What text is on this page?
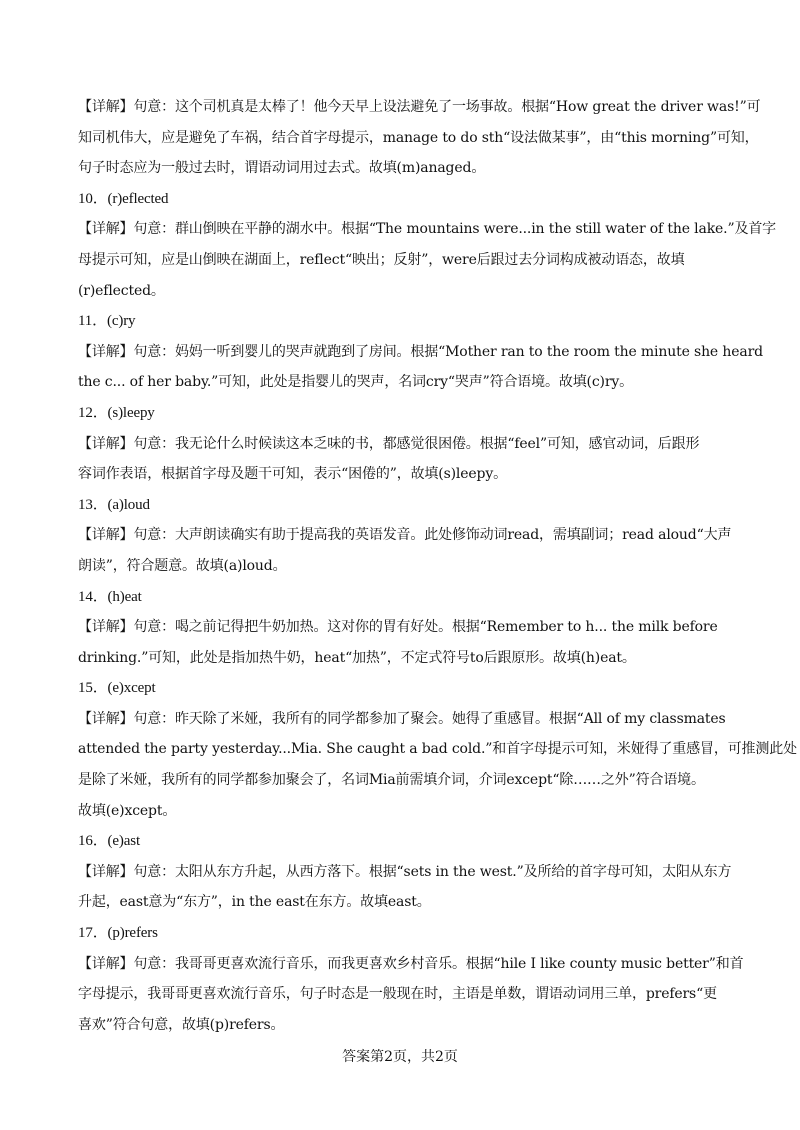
【详解】句意：这个司机真是太棒了！他今天早上设法避免了一场事故。根据“How great the driver was!”可
知司机伟大，应是避免了车祸，结合首字母提示，manage to do sth“设法做某事”，由“this morning”可知，
句子时态应为一般过去时，谓语动词用过去式。故填(m)anaged。
10．(r)eflected
【详解】句意：群山倒映在平静的湖水中。根据“The mountains were...in the still water of the lake.”及首字
母提示可知，应是山倒映在湖面上，reflect“映出；反射”，were后跟过去分词构成被动语态，故填
(r)eflected。
11．(c)ry
【详解】句意：妈妈一听到婴儿的哭声就跑到了房间。根据“Mother ran to the room the minute she heard
the c... of her baby.”可知，此处是指婴儿的哭声，名词cry“哭声”符合语境。故填(c)ry。
12．(s)leepy
【详解】句意：我无论什么时候读这本乏味的书，都感觉很困倦。根据“feel”可知，感官动词，后跟形
容词作表语，根据首字母及题干可知，表示“困倦的”，故填(s)leepy。
13．(a)loud
【详解】句意：大声朗读确实有助于提高我的英语发音。此处修饰动词read，需填副词；read aloud“大声
朗读”，符合题意。故填(a)loud。
14．(h)eat
【详解】句意：喝之前记得把牛奶加热。这对你的胃有好处。根据“Remember to h... the milk before
drinking.”可知，此处是指加热牛奶，heat“加热”，不定式符号to后跟原形。故填(h)eat。
15．(e)xcept
【详解】句意：昨天除了米娅，我所有的同学都参加了聚会。她得了重感冒。根据“All of my classmates
attended the party yesterday...Mia. She caught a bad cold.”和首字母提示可知，米娅得了重感冒，可推测此处
是除了米娅，我所有的同学都参加聚会了，名词Mia前需填介词，介词except“除……之外”符合语境。
故填(e)xcept。
16．(e)ast
【详解】句意：太阳从东方升起，从西方落下。根据“sets in the west.”及所给的首字母可知，太阳从东方
升起，east意为“东方”，in the east在东方。故填east。
17．(p)refers
【详解】句意：我哥哥更喜欢流行音乐，而我更喜欢乡村音乐。根据“hile I like county music better”和首
字母提示，我哥哥更喜欢流行音乐，句子时态是一般现在时，主语是单数，谓语动词用三单，prefers“更
喜欢”符合句意，故填(p)refers。
答案第2页，共2页
